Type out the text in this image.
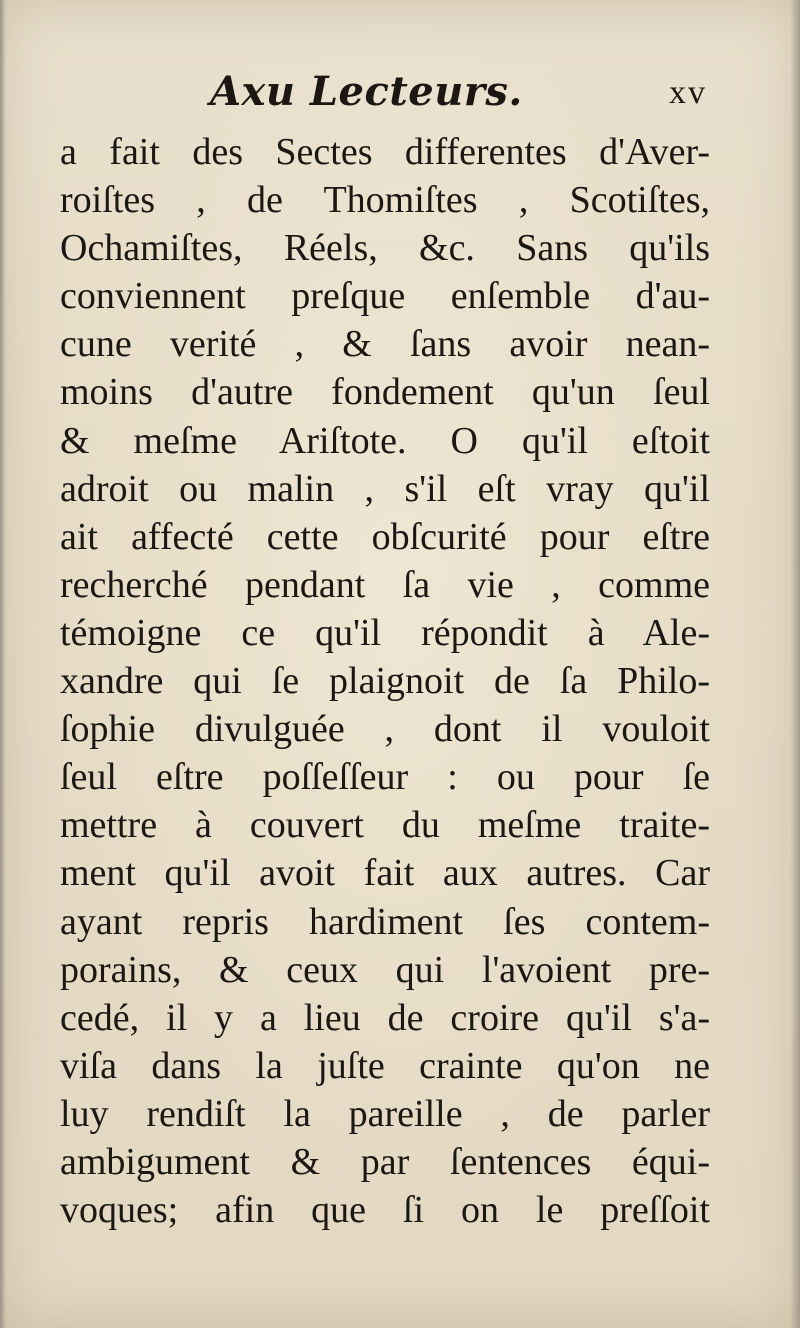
Axu Lecteurs.	xv
a fait des Sectes differentes d'Aver-
roiſtes , de Thomiſtes , Scotiſtes,
Ochamiſtes, Réels, &c. Sans qu'ils
conviennent preſque enſemble d'au-
cune verité , & ſans avoir nean-
moins d'autre fondement qu'un ſeul
& meſme Ariſtote. O qu'il eſtoit
adroit ou malin , s'il eſt vray qu'il
ait affecté cette obſcurité pour eſtre
recherché pendant ſa vie , comme
témoigne ce qu'il répondit à Ale-
xandre qui ſe plaignoit de ſa Philo-
ſophie divulguée , dont il vouloit
ſeul eſtre poſſeſſeur : ou pour ſe
mettre à couvert du meſme traite-
ment qu'il avoit fait aux autres. Car
ayant repris hardiment ſes contem-
porains, & ceux qui l'avoient pre-
cedé, il y a lieu de croire qu'il s'a-
viſa dans la juſte crainte qu'on ne
luy rendiſt la pareille , de parler
ambigument & par ſentences équi-
voques; afin que ſi on le preſſoit
